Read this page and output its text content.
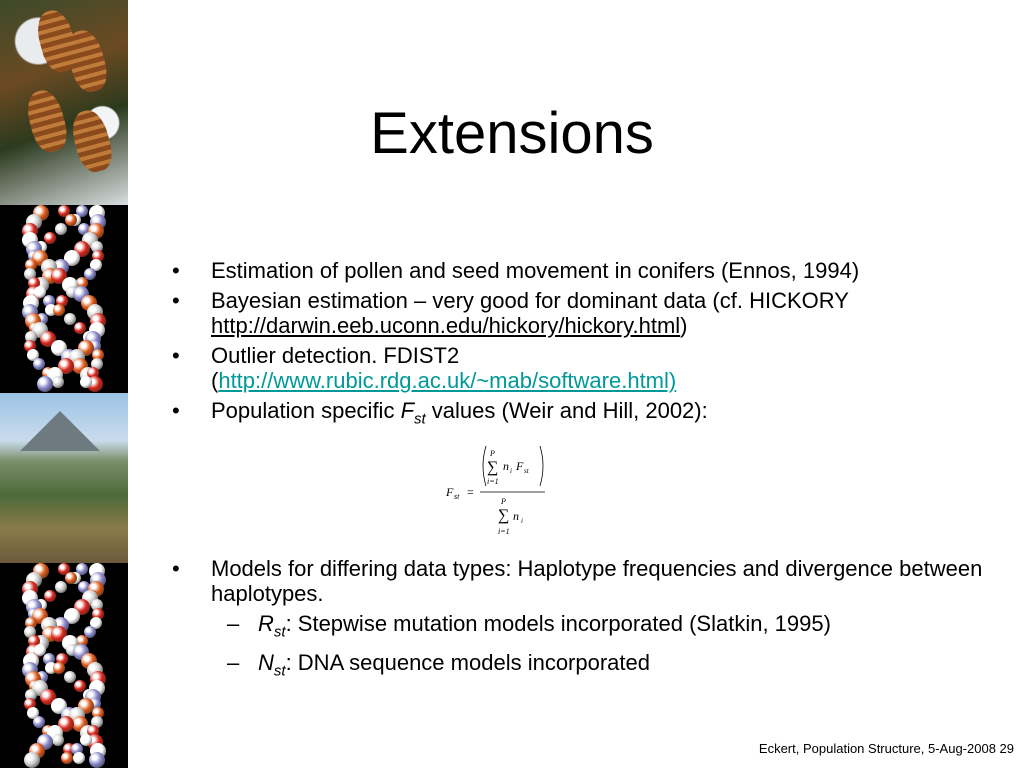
Extensions
• Estimation of pollen and seed movement in conifers (Ennos, 1994)
• Bayesian estimation – very good for dominant data (cf. HICKORY
http://darwin.eeb.uconn.edu/hickory/hickory.html)
• Outlier detection. FDIST2
(http://www.rubic.rdg.ac.uk/~mab/software.html)
• Population specific $F_{st}$ values (Weir and Hill, 2002):
• Models for differing data types: Haplotype frequencies and divergence between haplotypes.
– $R_{st}$: Stepwise mutation models incorporated (Slatkin, 1995)
– $N_{st}$: DNA sequence models incorporated
F st =
P
∑
i=1
n i F st
P
∑
i=1
n i
Eckert, Population Structure, 5-Aug-2008 29
